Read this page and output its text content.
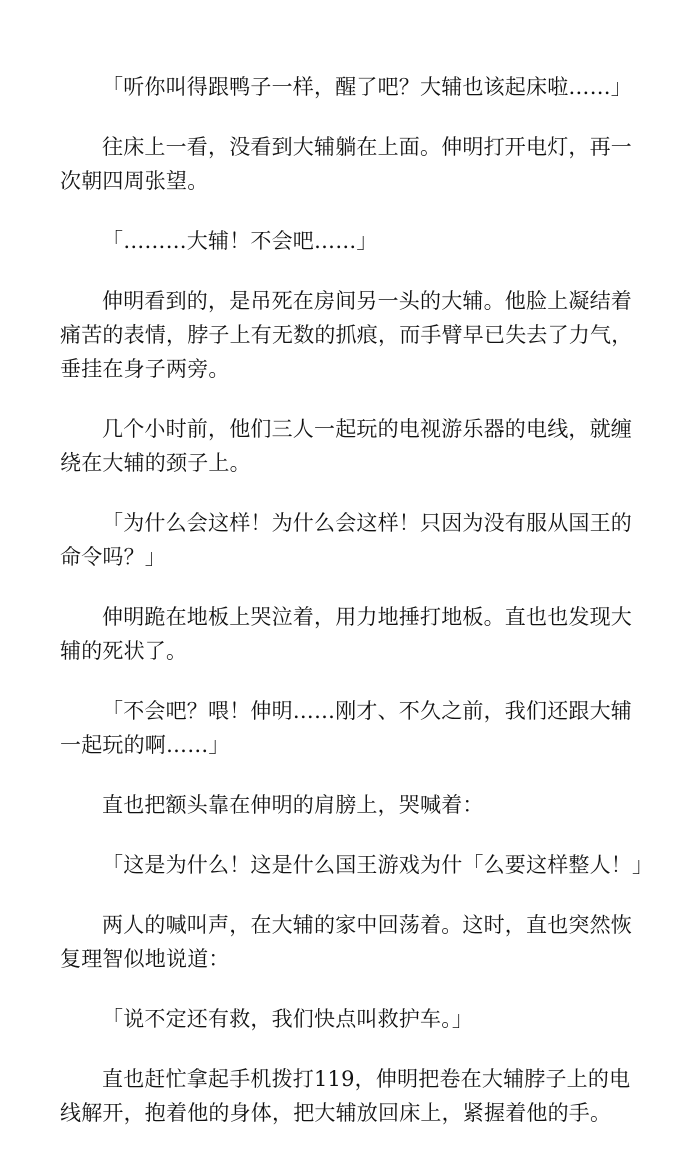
「听你叫得跟鸭子一样，醒了吧？大辅也该起床啦……」

往床上一看，没看到大辅躺在上面。伸明打开电灯，再一次朝四周张望。

「………大辅！不会吧……」

伸明看到的，是吊死在房间另一头的大辅。他脸上凝结着痛苦的表情，脖子上有无数的抓痕，而手臂早已失去了力气，垂挂在身子两旁。

几个小时前，他们三人一起玩的电视游乐器的电线，就缠绕在大辅的颈子上。

「为什么会这样！为什么会这样！只因为没有服从国王的命令吗？」

伸明跪在地板上哭泣着，用力地捶打地板。直也也发现大辅的死状了。

「不会吧？喂！伸明……刚才、不久之前，我们还跟大辅一起玩的啊……」

直也把额头靠在伸明的肩膀上，哭喊着：

「这是为什么！这是什么国王游戏为什「么要这样整人！」

两人的喊叫声，在大辅的家中回荡着。这时，直也突然恢复理智似地说道：

「说不定还有救，我们快点叫救护车。」

直也赶忙拿起手机拨打119，伸明把卷在大辅脖子上的电线解开，抱着他的身体，把大辅放回床上，紧握着他的手。
